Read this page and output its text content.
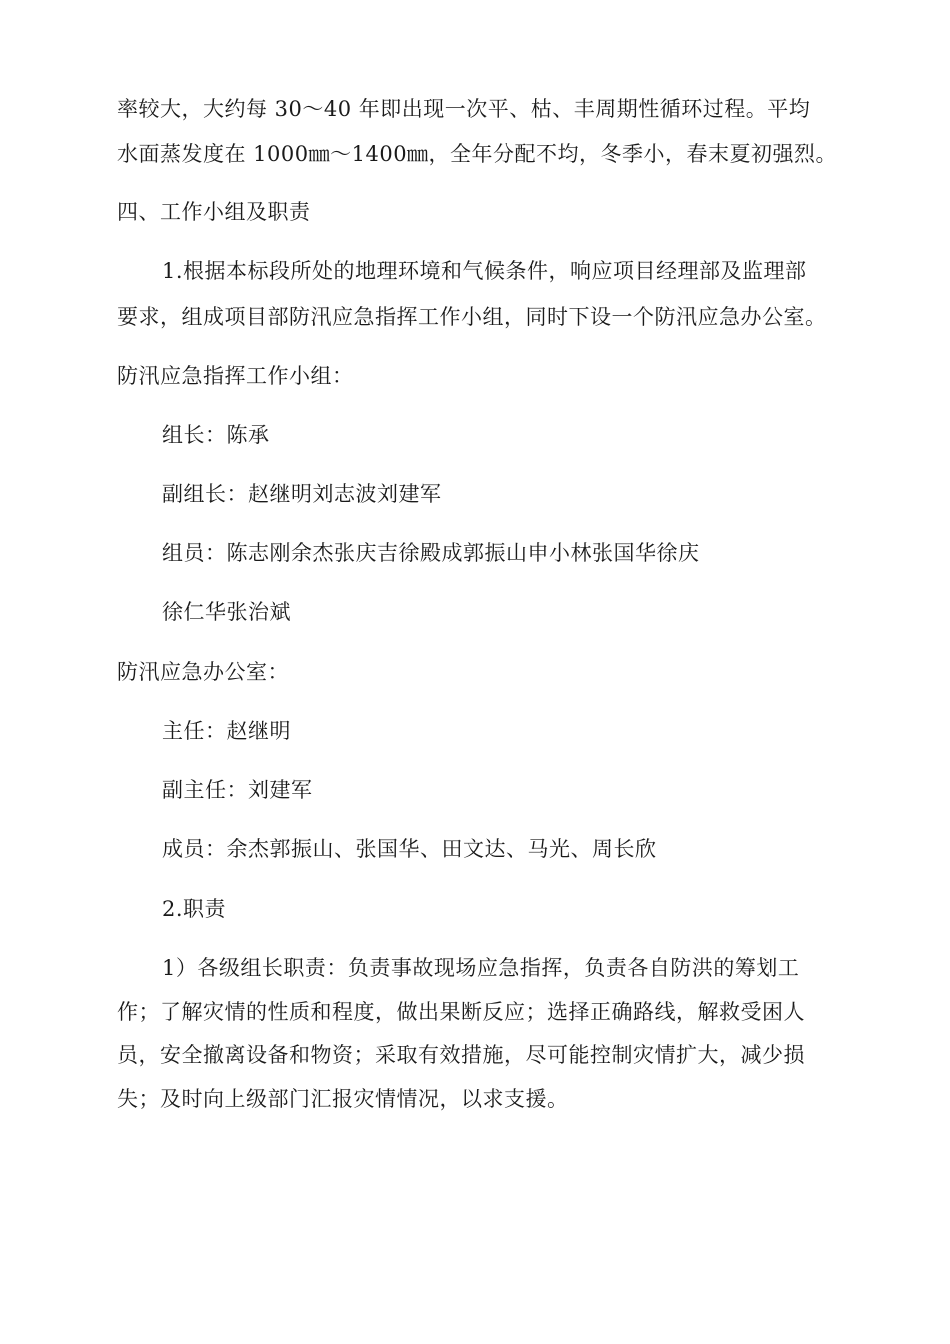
率较大，大约每 30～40 年即出现一次平、枯、丰周期性循环过程。平均
水面蒸发度在 1000㎜～1400㎜，全年分配不均，冬季小，春末夏初强烈。
四、工作小组及职责
1.根据本标段所处的地理环境和气候条件，响应项目经理部及监理部
要求，组成项目部防汛应急指挥工作小组，同时下设一个防汛应急办公室。
防汛应急指挥工作小组：
组长：陈承
副组长：赵继明刘志波刘建军
组员：陈志刚余杰张庆吉徐殿成郭振山申小林张国华徐庆
徐仁华张治斌
防汛应急办公室：
主任：赵继明
副主任：刘建军
成员：余杰郭振山、张国华、田文达、马光、周长欣
2.职责
1）各级组长职责：负责事故现场应急指挥，负责各自防洪的筹划工
作；了解灾情的性质和程度，做出果断反应；选择正确路线，解救受困人
员，安全撤离设备和物资；采取有效措施，尽可能控制灾情扩大，减少损
失；及时向上级部门汇报灾情情况，以求支援。
